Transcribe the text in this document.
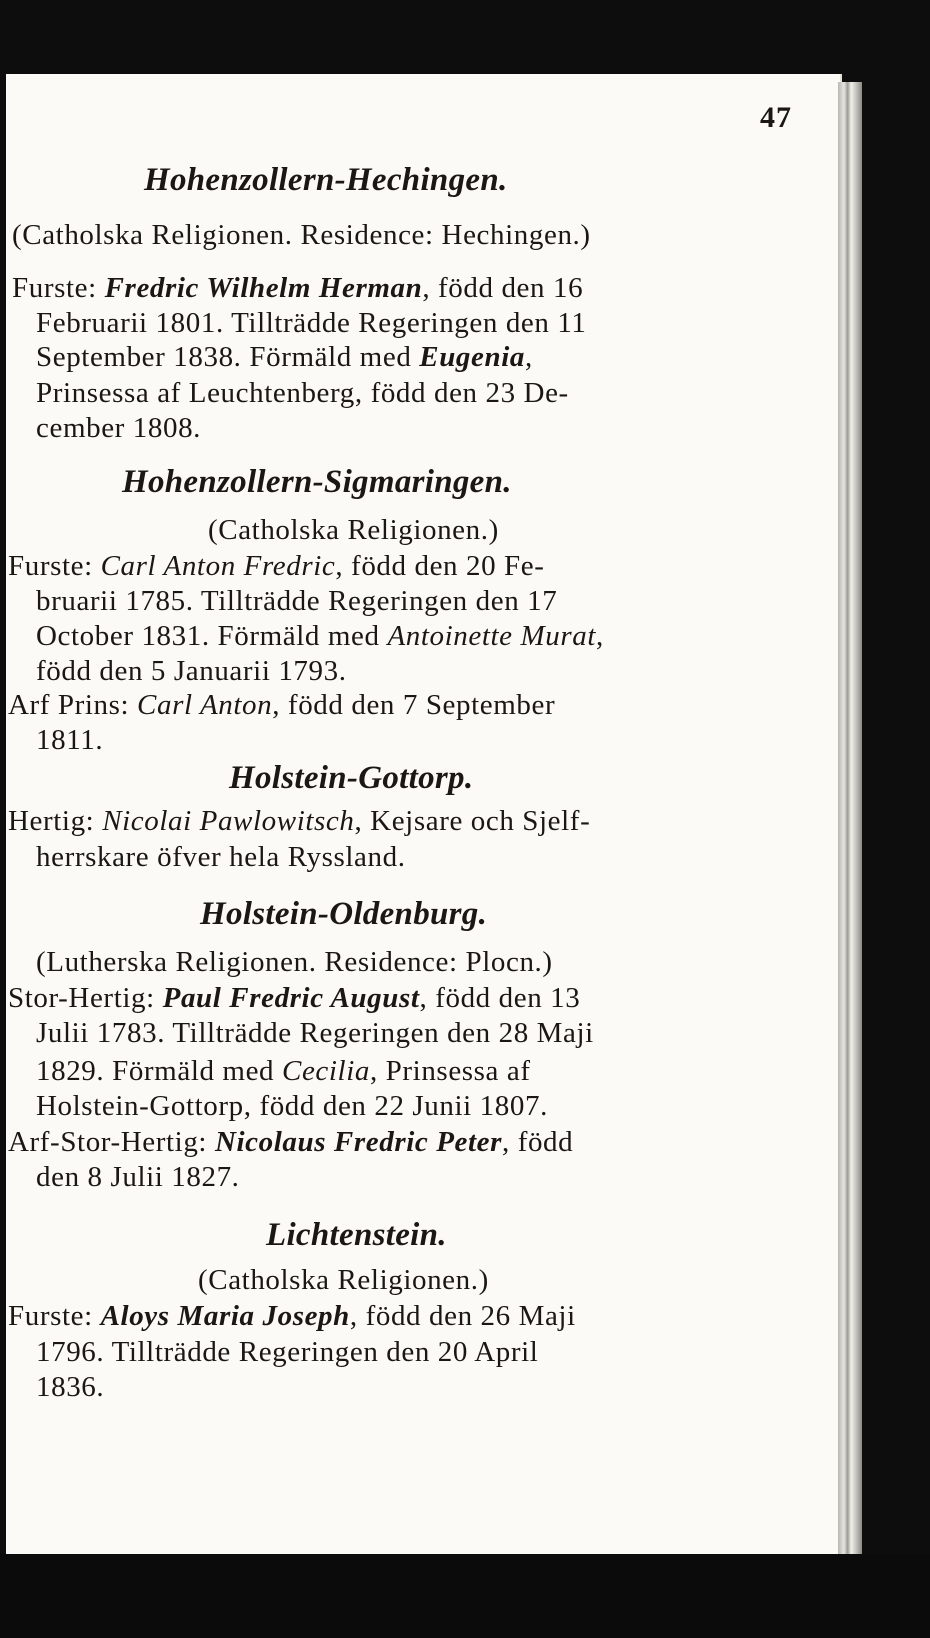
47

Hohenzollern-Hechingen.

(Catholska Religionen. Residence: Hechingen.)

Furste: Fredric Wilhelm Herman, född den 16

Februarii 1801. Tillträdde Regeringen den 11

September 1838. Förmäld med Eugenia,

Prinsessa af Leuchtenberg, född den 23 De-

cember 1808.

Hohenzollern-Sigmaringen.

(Catholska Religionen.)

Furste: Carl Anton Fredric, född den 20 Fe-

bruarii 1785. Tillträdde Regeringen den 17

October 1831. Förmäld med Antoinette Murat,

född den 5 Januarii 1793.

Arf Prins: Carl Anton, född den 7 September

1811.

Holstein-Gottorp.

Hertig: Nicolai Pawlowitsch, Kejsare och Sjelf-

herrskare öfver hela Ryssland.

Holstein-Oldenburg.

(Lutherska Religionen. Residence: Plocn.)

Stor-Hertig: Paul Fredric August, född den 13

Julii 1783. Tillträdde Regeringen den 28 Maji

1829. Förmäld med Cecilia, Prinsessa af

Holstein-Gottorp, född den 22 Junii 1807.

Arf-Stor-Hertig: Nicolaus Fredric Peter, född

den 8 Julii 1827.

Lichtenstein.

(Catholska Religionen.)

Furste: Aloys Maria Joseph, född den 26 Maji

1796. Tillträdde Regeringen den 20 April

1836.
